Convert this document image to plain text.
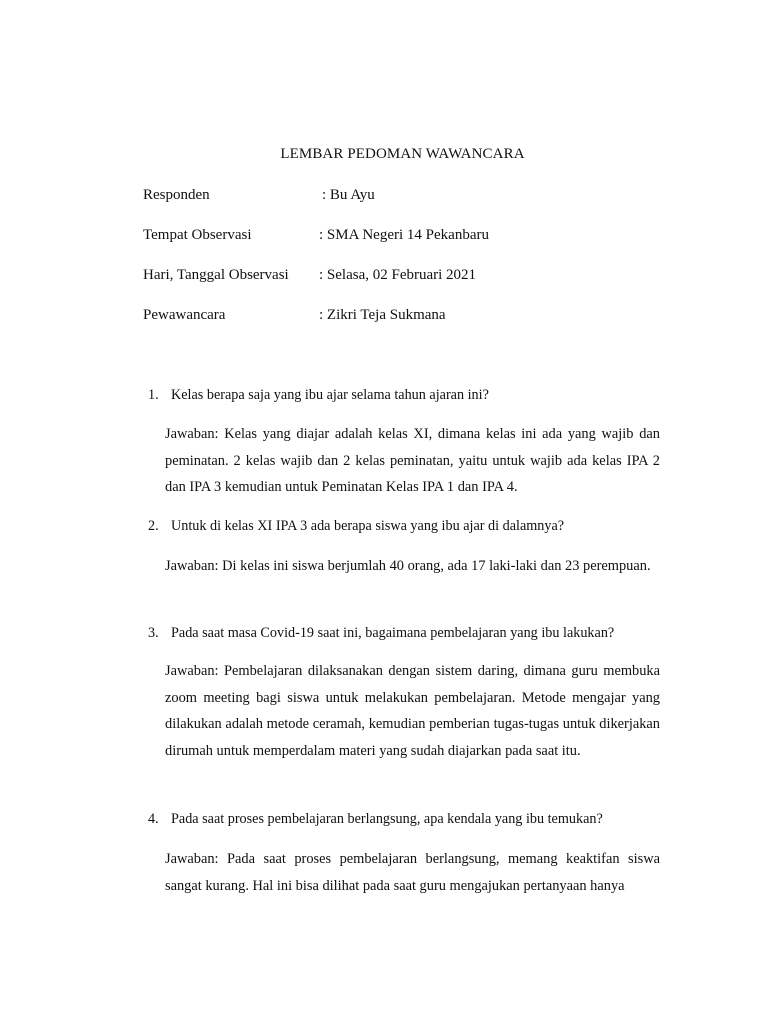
LEMBAR PEDOMAN WAWANCARA
Responden	: Bu Ayu
Tempat Observasi	: SMA Negeri 14 Pekanbaru
Hari, Tanggal Observasi : Selasa, 02 Februari 2021
Pewawancara	: Zikri Teja Sukmana
1. Kelas berapa saja yang ibu ajar selama tahun ajaran ini?
Jawaban: Kelas yang diajar adalah kelas XI, dimana kelas ini ada yang wajib dan peminatan. 2 kelas wajib dan 2 kelas peminatan, yaitu untuk wajib ada kelas IPA 2 dan IPA 3 kemudian untuk Peminatan Kelas IPA 1 dan IPA 4.
2. Untuk di kelas XI IPA 3 ada berapa siswa yang ibu ajar di dalamnya?
Jawaban: Di kelas ini siswa berjumlah 40 orang, ada 17 laki-laki dan 23 perempuan.
3. Pada saat masa Covid-19 saat ini, bagaimana pembelajaran yang ibu lakukan?
Jawaban: Pembelajaran dilaksanakan dengan sistem daring, dimana guru membuka zoom meeting bagi siswa untuk melakukan pembelajaran. Metode mengajar yang dilakukan adalah metode ceramah, kemudian pemberian tugas-tugas untuk dikerjakan dirumah untuk memperdalam materi yang sudah diajarkan pada saat itu.
4. Pada saat proses pembelajaran berlangsung, apa kendala yang ibu temukan?
Jawaban: Pada saat proses pembelajaran berlangsung, memang keaktifan siswa sangat kurang. Hal ini bisa dilihat pada saat guru mengajukan pertanyaan hanya
